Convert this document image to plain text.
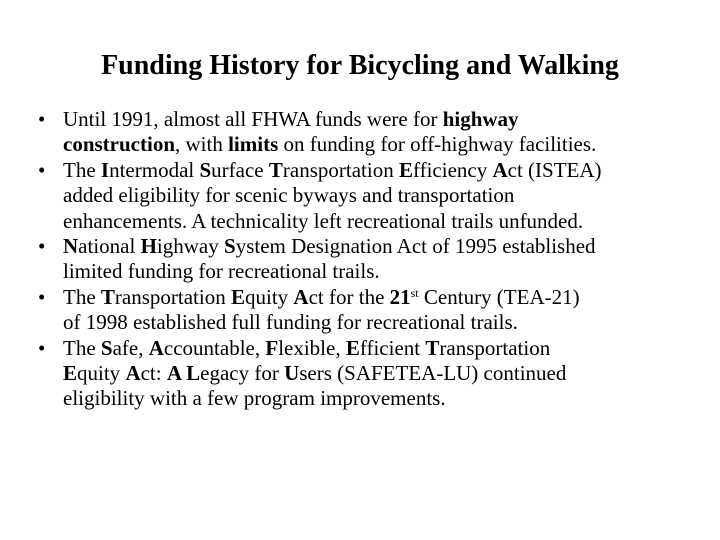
Funding History for Bicycling and Walking
• Until 1991, almost all FHWA funds were for highway
construction, with limits on funding for off-highway facilities.
• The Intermodal Surface Transportation Efficiency Act (ISTEA)
added eligibility for scenic byways and transportation
enhancements. A technicality left recreational trails unfunded.
• National Highway System Designation Act of 1995 established
limited funding for recreational trails.
• The Transportation Equity Act for the 21st Century (TEA-21)
of 1998 established full funding for recreational trails.
• The Safe, Accountable, Flexible, Efficient Transportation
Equity Act: A Legacy for Users (SAFETEA-LU) continued
eligibility with a few program improvements.
